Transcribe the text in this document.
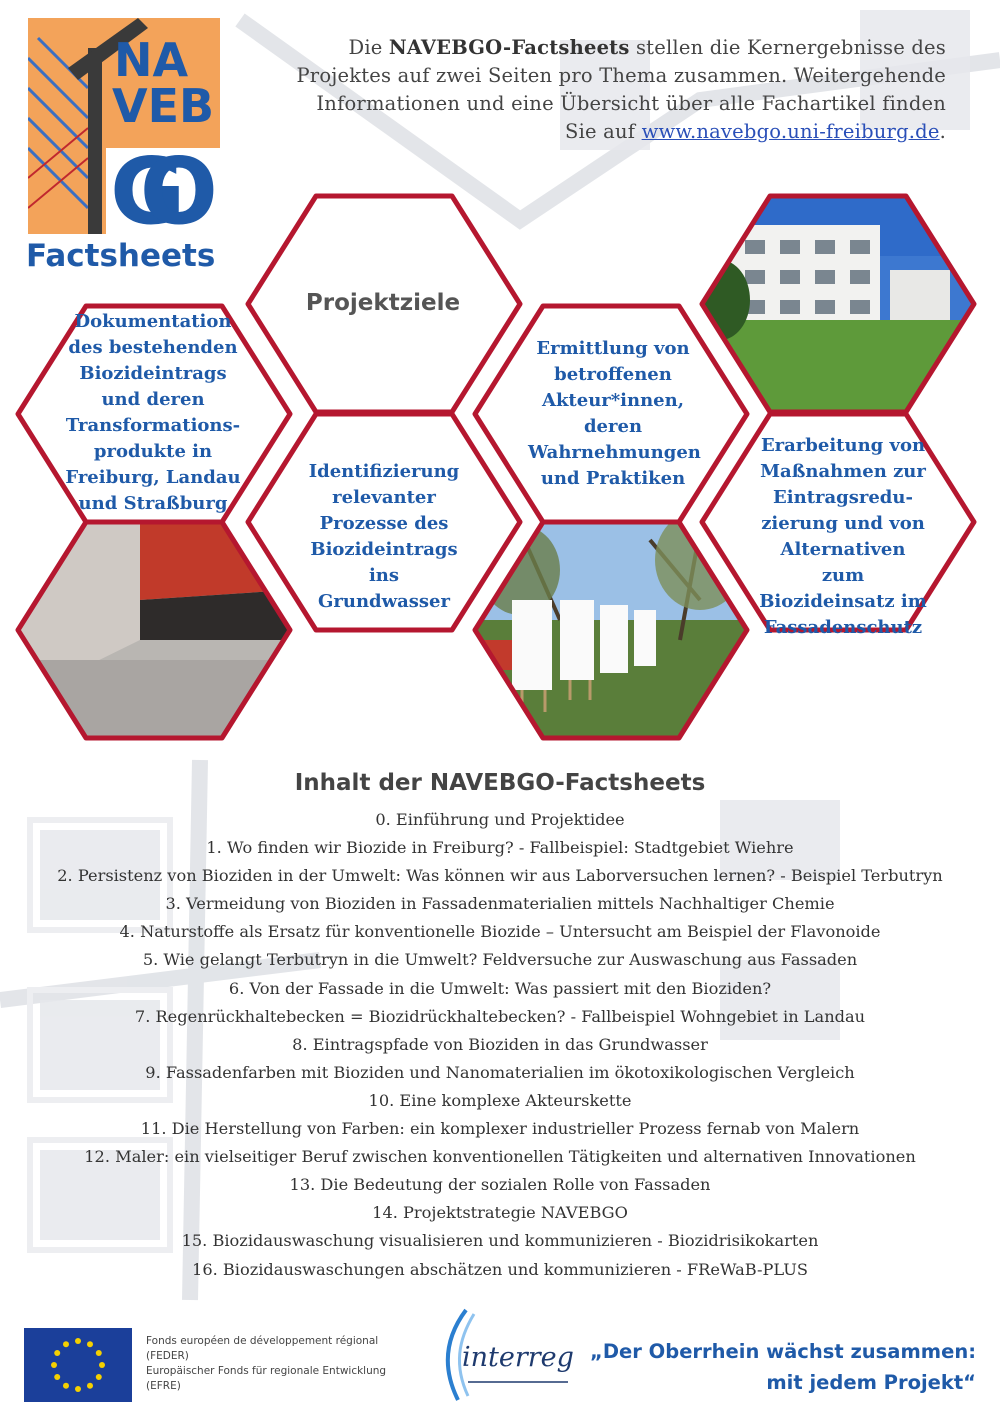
NA
VEB
GO
Factsheets

Die NAVEBGO-Factsheets stellen die Kernergebnisse des Projektes auf zwei Seiten pro Thema zusammen. Weitergehende Informationen und eine Übersicht über alle Fachartikel finden Sie auf www.navebgo.uni-freiburg.de.

Projektziele

Dokumentation des bestehenden Biozideintrags und deren Transformations-produkte in Freiburg, Landau und Straßburg

Identifizierung relevanter Prozesse des Biozideintrags ins Grundwasser

Ermittlung von betroffenen Akteur*innen, deren Wahrnehmungen und Praktiken

Erarbeitung von Maßnahmen zur Eintragsredu-zierung und von Alternativen zum Biozideinsatz im Fassadenschutz

Inhalt der NAVEBGO-Factsheets
0. Einführung und Projektidee
1. Wo finden wir Biozide in Freiburg? - Fallbeispiel: Stadtgebiet Wiehre
2. Persistenz von Bioziden in der Umwelt: Was können wir aus Laborversuchen lernen? - Beispiel Terbutryn
3. Vermeidung von Bioziden in Fassadenmaterialien mittels Nachhaltiger Chemie
4. Naturstoffe als Ersatz für konventionelle Biozide – Untersucht am Beispiel der Flavonoide
5. Wie gelangt Terbutryn in die Umwelt? Feldversuche zur Auswaschung aus Fassaden
6. Von der Fassade in die Umwelt: Was passiert mit den Bioziden?
7. Regenrückhaltebecken = Biozidrückhaltebecken? - Fallbeispiel Wohngebiet in Landau
8. Eintragspfade von Bioziden in das Grundwasser
9. Fassadenfarben mit Bioziden und Nanomaterialien im ökotoxikologischen Vergleich
10. Eine komplexe Akteurskette
11. Die Herstellung von Farben: ein komplexer industrieller Prozess fernab von Malern
12. Maler: ein vielseitiger Beruf zwischen konventionellen Tätigkeiten und alternativen Innovationen
13. Die Bedeutung der sozialen Rolle von Fassaden
14. Projektstrategie NAVEBGO
15. Biozidauswaschung visualisieren und kommunizieren - Biozidrisikokarten
16. Biozidauswaschungen abschätzen und kommunizieren - FReWaB-PLUS
Fonds européen de développement régional
(FEDER)
Europäischer Fonds für regionale Entwicklung
(EFRE)
interreg „Der Oberrhein wächst zusammen:
mit jedem Projekt“
